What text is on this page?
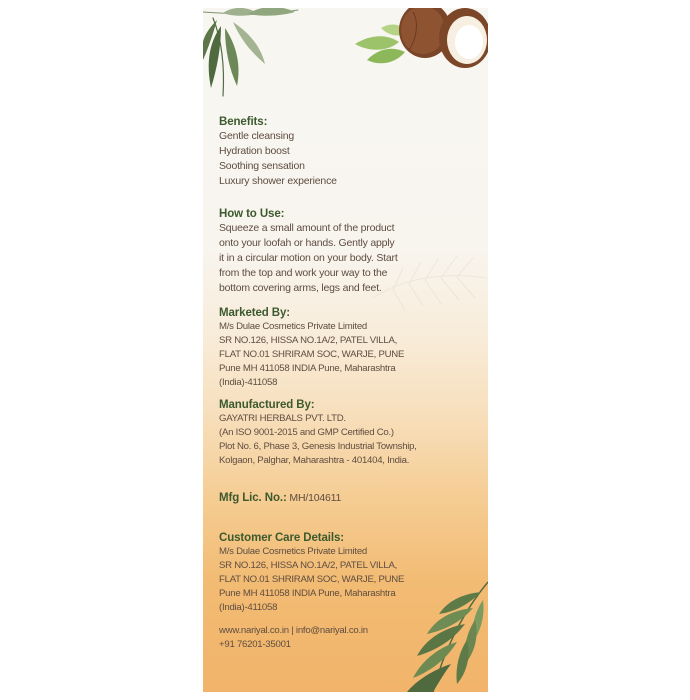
Benefits:
Gentle cleansing
Hydration boost
Soothing sensation
Luxury shower experience
How to Use:
Squeeze a small amount of the product
onto your loofah or hands. Gently apply
it in a circular motion on your body. Start
from the top and work your way to the
bottom covering arms, legs and feet.
Marketed By:
M/s Dulae Cosmetics Private Limited
SR NO.126, HISSA NO.1A/2, PATEL VILLA,
FLAT NO.01 SHRIRAM SOC, WARJE, PUNE
Pune MH 411058 INDIA Pune, Maharashtra
(India)-411058
Manufactured By:
GAYATRI HERBALS PVT. LTD.
(An ISO 9001-2015 and GMP Certified Co.)
Plot No. 6, Phase 3, Genesis Industrial Township,
Kolgaon, Palghar, Maharashtra - 401404, India.
Mfg Lic. No.: MH/104611
Customer Care Details:
M/s Dulae Cosmetics Private Limited
SR NO.126, HISSA NO.1A/2, PATEL VILLA,
FLAT NO.01 SHRIRAM SOC, WARJE, PUNE
Pune MH 411058 INDIA Pune, Maharashtra
(India)-411058
www.nariyal.co.in | info@nariyal.co.in
+91 76201-35001
